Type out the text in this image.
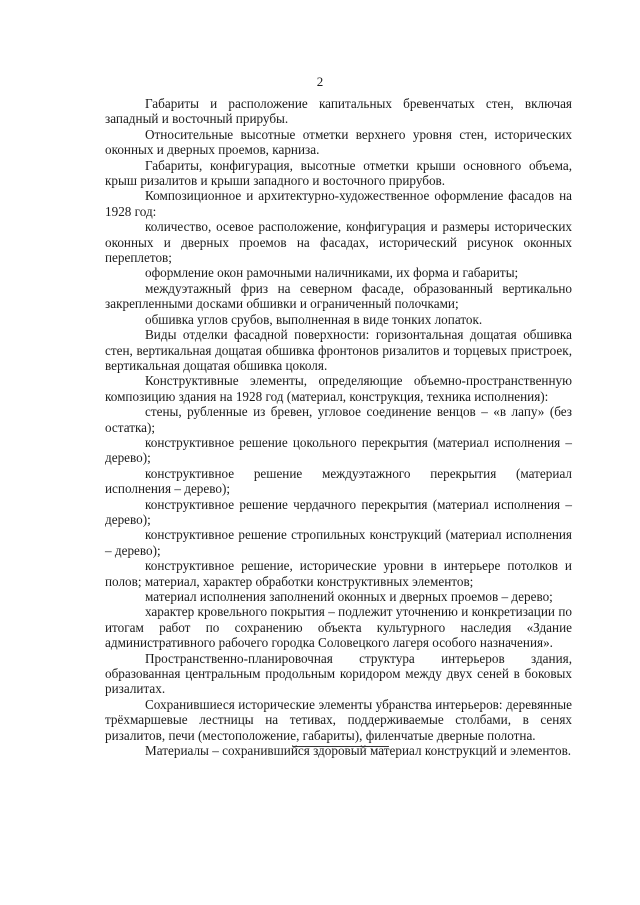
2

Габариты и расположение капитальных бревенчатых стен, включая западный и восточный прирубы.

Относительные высотные отметки верхнего уровня стен, исторических оконных и дверных проемов, карниза.

Габариты, конфигурация, высотные отметки крыши основного объема, крыш ризалитов и крыши западного и восточного прирубов.

Композиционное и архитектурно-художественное оформление фасадов на 1928 год:

количество, осевое расположение, конфигурация и размеры исторических оконных и дверных проемов на фасадах, исторический рисунок оконных переплетов;

оформление окон рамочными наличниками, их форма и габариты;

междуэтажный фриз на северном фасаде, образованный вертикально закрепленными досками обшивки и ограниченный полочками;

обшивка углов срубов, выполненная в виде тонких лопаток.

Виды отделки фасадной поверхности: горизонтальная дощатая обшивка стен, вертикальная дощатая обшивка фронтонов ризалитов и торцевых пристроек, вертикальная дощатая обшивка цоколя.

Конструктивные элементы, определяющие объемно-пространственную композицию здания на 1928 год (материал, конструкция, техника исполнения):

стены, рубленные из бревен, угловое соединение венцов – «в лапу» (без остатка);

конструктивное решение цокольного перекрытия (материал исполнения – дерево);

конструктивное решение междуэтажного перекрытия (материал исполнения – дерево);

конструктивное решение чердачного перекрытия (материал исполнения – дерево);

конструктивное решение стропильных конструкций (материал исполнения – дерево);

конструктивное решение, исторические уровни в интерьере потолков и полов; материал, характер обработки конструктивных элементов;

материал исполнения заполнений оконных и дверных проемов – дерево;

характер кровельного покрытия – подлежит уточнению и конкретизации по итогам работ по сохранению объекта культурного наследия «Здание административного рабочего городка Соловецкого лагеря особого назначения».

Пространственно-планировочная структура интерьеров здания, образованная центральным продольным коридором между двух сеней в боковых ризалитах.

Сохранившиеся исторические элементы убранства интерьеров: деревянные трёхмаршевые лестницы на тетивах, поддерживаемые столбами, в сенях ризалитов, печи (местоположение, габариты), филенчатые дверные полотна.

Материалы – сохранившийся здоровый материал конструкций и элементов.
